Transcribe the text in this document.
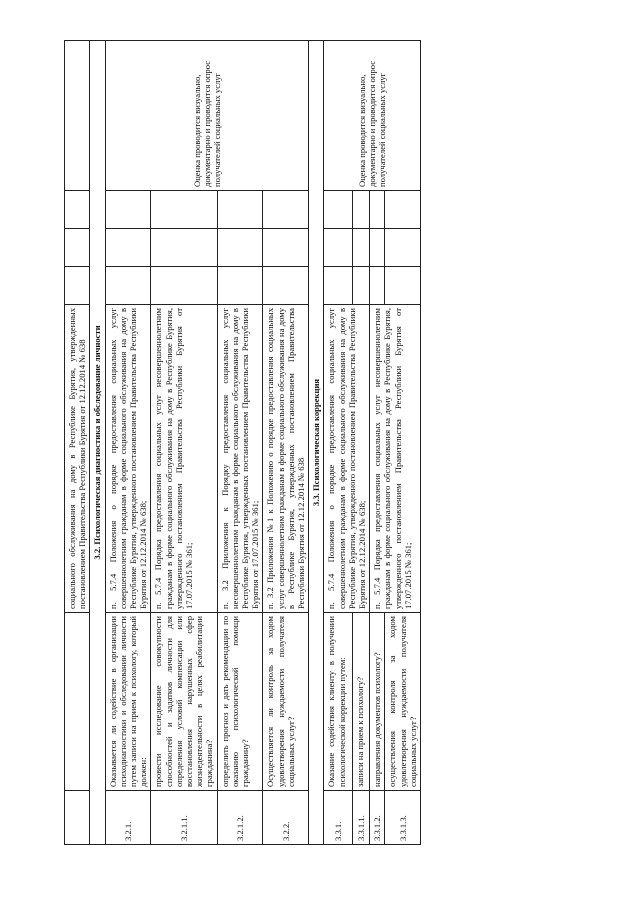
		социального обслуживания на дому в Республике Бурятия, утвержденных постановлением Правительства Республики Бурятия от 12.12.2014 № 638				
3.2. Психологическая диагностика и обследование личности						
3.2.1.	Оказывается ли содействие в организации психодиагностики и обследовании личности путем записи на прием к психологу, который должен:	п. 5.7.4 Положения о порядке предоставления социальных услуг совершеннолетним гражданам в форме социального обслуживания на дому в Республике Бурятия, утвержденного постановлением Правительства Республики Бурятия от 12.12.2014 № 638;				Оценка проводится визуально, документарно и проводится опрос получателей социальных услуг
3.2.1.1.	провести исследование совокупности способностей и задатков личности для определения условий компенсации или восстановления нарушенных сфер жизнедеятельности в целях реабилитации гражданина?	п. 5.7.4 Порядка предоставления социальных услуг несовершеннолетним гражданам в форме социального обслуживания на дому в Республике Бурятия, утвержденного постановлением Правительства Республики Бурятия от 17.07.2015 № 361;				
3.2.1.2.	определить прогноз и дать рекомендации по оказанию психологической помощи гражданину?	п. 3.2 Приложения к Порядку предоставления социальных услуг несовершеннолетним гражданам в форме социального обслуживания на дому в Республике Бурятия, утвержденных постановлением Правительства Республики Бурятия от 17.07.2015 № 361;				
3.2.2.	Осуществляется ли контроль за ходом удовлетворения нуждаемости получателя социальных услуг?	п. 3.2 Приложения №1 к Положению о порядке предоставления социальных услуг совершеннолетним гражданам в форме социального обслуживания на дому в Республике Бурятия, утвержденных постановлением Правительства Республики Бурятия от 12.12.2014 № 638				
3.3. Психологическая коррекция						
3.3.1.	Оказание содействия клиенту в получении психологической коррекции путем:	п. 5.7.4 Положения о порядке предоставления социальных услуг совершеннолетним гражданам в форме социального обслуживания на дому в Республике Бурятия, утвержденного постановлением Правительства Республики Бурятия от 12.12.2014 № 638;				Оценка проводится визуально, документарно и проводится опрос получателей социальных услуг
3.3.1.1.	записи на прием к психологу?					
3.3.1.2.	направления документов психологу?	п. 5.7.4 Порядка предоставления социальных услуг несовершеннолетним гражданам в форме социального обслуживания на дому в Республике Бурятия, утвержденного постановлением Правительства Республики Бурятия от 17.07.2015 № 361;				
3.3.1.3.	осуществления контроля за ходом удовлетворения нуждаемости получателя социальных услуг?					
